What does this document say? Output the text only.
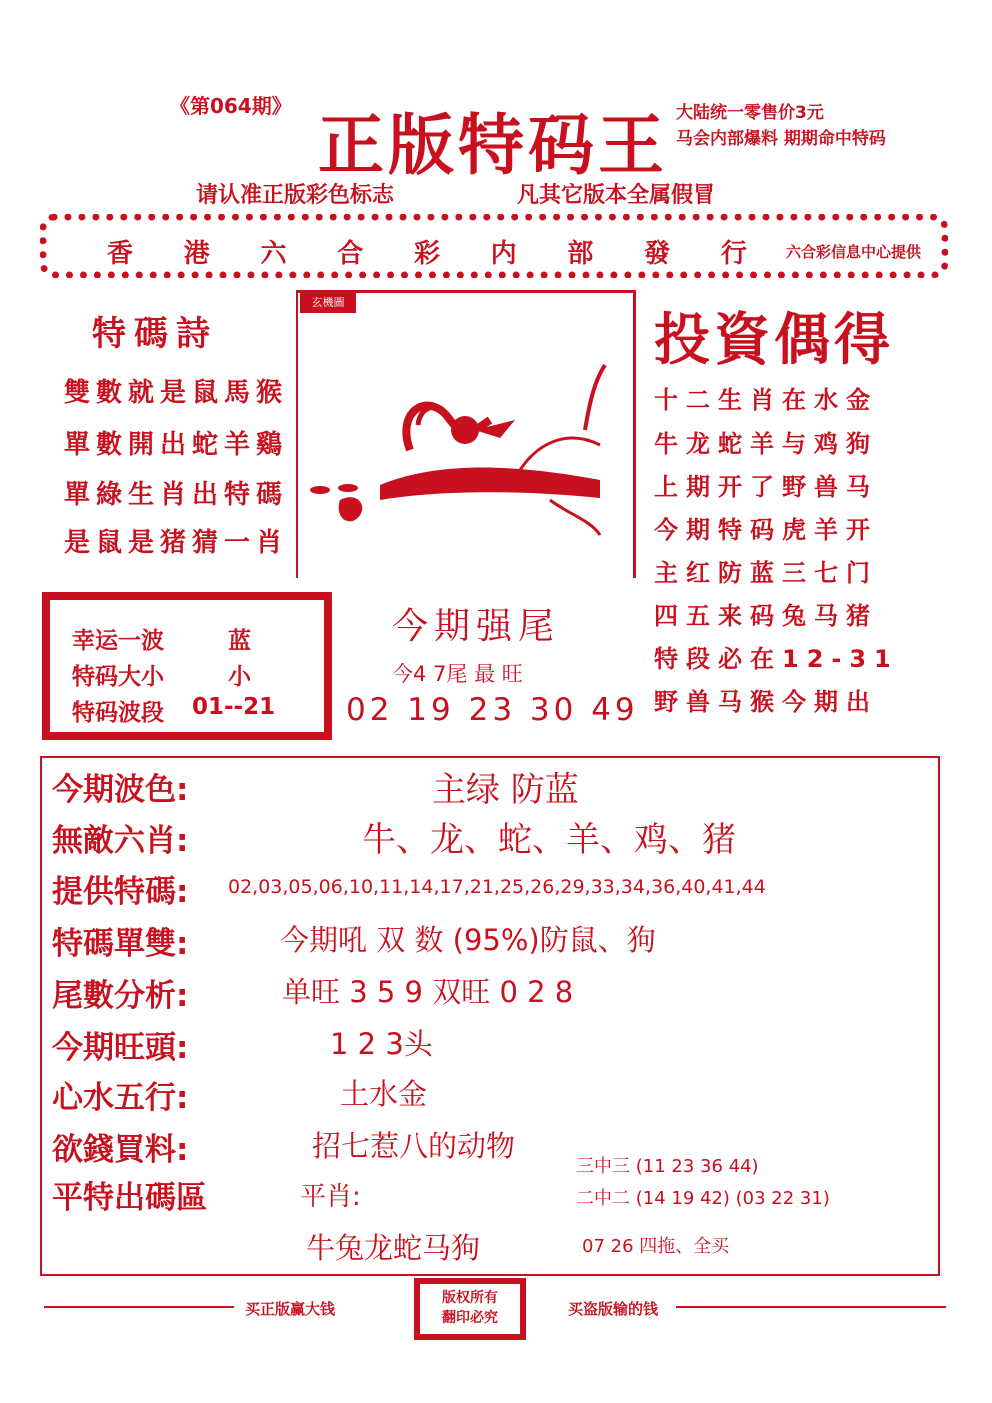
《第064期》 正版特码王 大陆统一零售价3元
马会内部爆料 期期命中特码
请认准正版彩色标志	凡其它版本全属假冒
香 港 六 合 彩 内 部 發 行	六合彩信息中心提供
特碼詩
雙數就是鼠馬猴
單數開出蛇羊鷄
單綠生肖出特碼
是鼠是猪猜一肖
玄機圖
投資偶得
十二生肖在水金
牛龙蛇羊与鸡狗
上期开了野兽马
今期特码虎羊开
主红防蓝三七门
四五来码兔马猪
特段必在12-31
野兽马猴今期出
幸运一波	蓝
特码大小	小
特码波段 01--21
今期强尾
今4 7尾 最 旺
02 19 23 30 49
今期波色:	主绿 防蓝
無敵六肖:	牛、龙、蛇、羊、鸡、猪
提供特碼: 02,03,05,06,10,11,14,17,21,25,26,29,33,34,36,40,41,44
特碼單雙:	今期吼 双 数 (95%)防鼠、狗
尾數分析:	单旺 3 5 9 双旺 0 2 8
今期旺頭:	1 2 3头
心水五行:	土水金
欲錢買料:	招七惹八的动物
平特出碼區	平肖:
牛兔龙蛇马狗
三中三 (11 23 36 44)
二中二 (14 19 42) (03 22 31)
07 26 四拖、全买
买正版赢大钱
版权所有
翻印必究	买盗版输的钱
